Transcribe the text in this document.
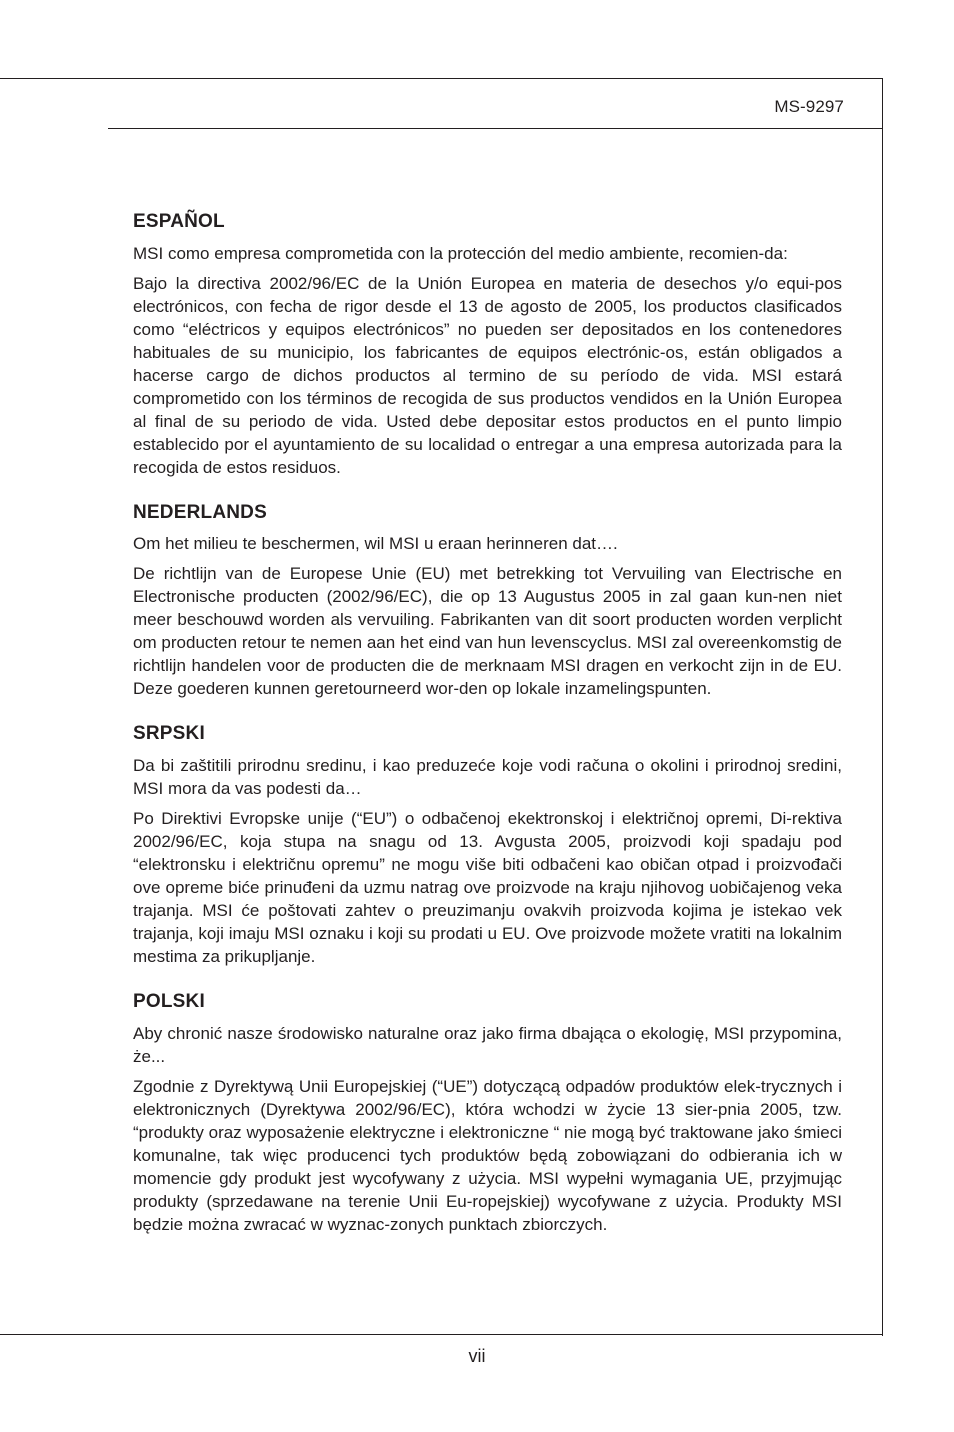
MS-9297
ESPAÑOL

MSI como empresa comprometida con la protección del medio ambiente, recomien-da:

Bajo la directiva 2002/96/EC de la Unión Europea en materia de desechos y/o equi-pos electrónicos, con fecha de rigor desde el 13 de agosto de 2005, los productos clasificados como “eléctricos y equipos electrónicos” no pueden ser depositados en los contenedores habituales de su municipio, los fabricantes de equipos electrónic-os, están obligados a hacerse cargo de dichos productos al termino de su período de vida. MSI estará comprometido con los términos de recogida de sus productos vendidos en la Unión Europea al final de su periodo de vida. Usted debe depositar estos productos en el punto limpio establecido por el ayuntamiento de su localidad o entregar a una empresa autorizada para la recogida de estos residuos.

NEDERLANDS

Om het milieu te beschermen, wil MSI u eraan herinneren dat….

De richtlijn van de Europese Unie (EU) met betrekking tot Vervuiling van Electrische en Electronische producten (2002/96/EC), die op 13 Augustus 2005 in zal gaan kun-nen niet meer beschouwd worden als vervuiling. Fabrikanten van dit soort producten worden verplicht om producten retour te nemen aan het eind van hun levenscyclus. MSI zal overeenkomstig de richtlijn handelen voor de producten die de merknaam MSI dragen en verkocht zijn in de EU. Deze goederen kunnen geretourneerd wor-den op lokale inzamelingspunten.

SRPSKI

Da bi zaštitili prirodnu sredinu, i kao preduzeće koje vodi računa o okolini i prirodnoj sredini, MSI mora da vas podesti da…

Po Direktivi Evropske unije (“EU”) o odbačenoj ekektronskoj i električnoj opremi, Di-rektiva 2002/96/EC, koja stupa na snagu od 13. Avgusta 2005, proizvodi koji spadaju pod “elektronsku i električnu opremu” ne mogu više biti odbačeni kao običan otpad i proizvođači ove opreme biće prinuđeni da uzmu natrag ove proizvode na kraju njihovog uobičajenog veka trajanja. MSI će poštovati zahtev o preuzimanju ovakvih proizvoda kojima je istekao vek trajanja, koji imaju MSI oznaku i koji su prodati u EU. Ove proizvode možete vratiti na lokalnim mestima za prikupljanje.

POLSKI

Aby chronić nasze środowisko naturalne oraz jako firma dbająca o ekologię, MSI przypomina, że...

Zgodnie z Dyrektywą Unii Europejskiej (“UE”) dotyczącą odpadów produktów elek-trycznych i elektronicznych (Dyrektywa 2002/96/EC), która wchodzi w życie 13 sier-pnia 2005, tzw. “produkty oraz wyposażenie elektryczne i elektroniczne “ nie mogą być traktowane jako śmieci komunalne, tak więc producenci tych produktów będą zobowiązani do odbierania ich w momencie gdy produkt jest wycofywany z użycia. MSI wypełni wymagania UE, przyjmując produkty (sprzedawane na terenie Unii Eu-ropejskiej) wycofywane z użycia. Produkty MSI będzie można zwracać w wyznac-zonych punktach zbiorczych.

vii
